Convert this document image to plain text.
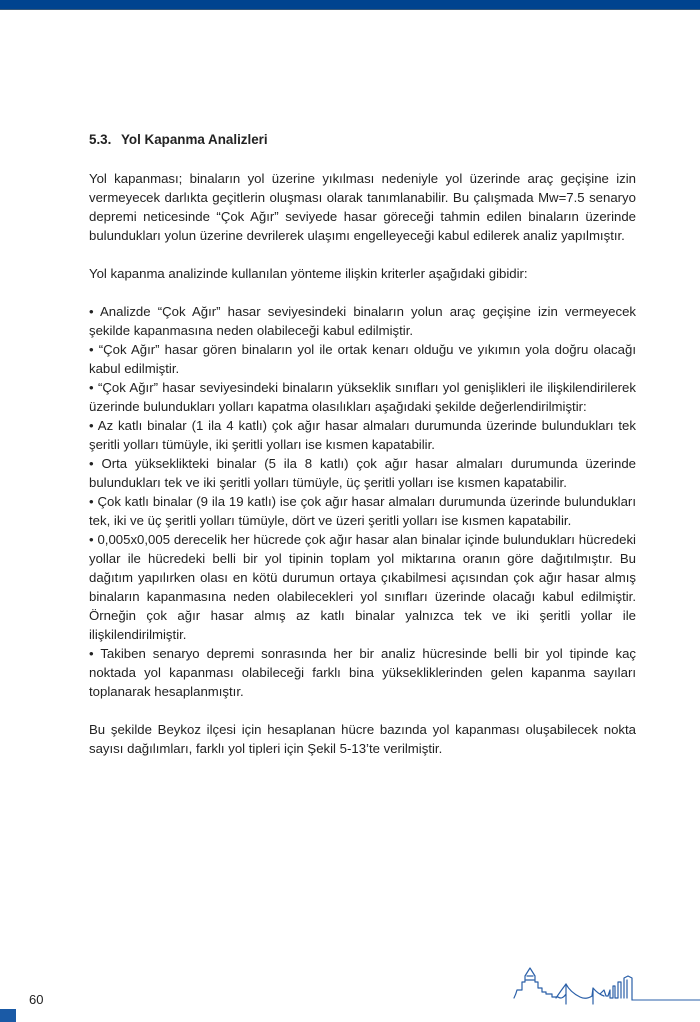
5.3. Yol Kapanma Analizleri

Yol kapanması; binaların yol üzerine yıkılması nedeniyle yol üzerinde araç geçişine izin vermeyecek darlıkta geçitlerin oluşması olarak tanımlanabilir. Bu çalışmada Mw=7.5 senaryo depremi neticesinde “Çok Ağır” seviyede hasar göreceği tahmin edilen binaların üzerinde bulundukları yolun üzerine devrilerek ulaşımı engelleyeceği kabul edilerek analiz yapılmıştır.

Yol kapanma analizinde kullanılan yönteme ilişkin kriterler aşağıdaki gibidir:

• Analizde “Çok Ağır” hasar seviyesindeki binaların yolun araç geçişine izin vermeyecek şekilde kapanmasına neden olabileceği kabul edilmiştir.

• “Çok Ağır” hasar gören binaların yol ile ortak kenarı olduğu ve yıkımın yola doğru olacağı kabul edilmiştir.

• “Çok Ağır” hasar seviyesindeki binaların yükseklik sınıfları yol genişlikleri ile ilişkilendirilerek üzerinde bulundukları yolları kapatma olasılıkları aşağıdaki şekilde değerlendirilmiştir:

• Az katlı binalar (1 ila 4 katlı) çok ağır hasar almaları durumunda üzerinde bulundukları tek şeritli yolları tümüyle, iki şeritli yolları ise kısmen kapatabilir.

• Orta yükseklikteki binalar (5 ila 8 katlı) çok ağır hasar almaları durumunda üzerinde bulundukları tek ve iki şeritli yolları tümüyle, üç şeritli yolları ise kısmen kapatabilir.

• Çok katlı binalar (9 ila 19 katlı) ise çok ağır hasar almaları durumunda üzerinde bulundukları tek, iki ve üç şeritli yolları tümüyle, dört ve üzeri şeritli yolları ise kısmen kapatabilir.

• 0,005x0,005 derecelik her hücrede çok ağır hasar alan binalar içinde bulundukları hücredeki yollar ile hücredeki belli bir yol tipinin toplam yol miktarına oranın göre dağıtılmıştır. Bu dağıtım yapılırken olası en kötü durumun ortaya çıkabilmesi açısından çok ağır hasar almış binaların kapanmasına neden olabilecekleri yol sınıfları üzerinde olacağı kabul edilmiştir. Örneğin çok ağır hasar almış az katlı binalar yalnızca tek ve iki şeritli yollar ile ilişkilendirilmiştir.

• Takiben senaryo depremi sonrasında her bir analiz hücresinde belli bir yol tipinde kaç noktada yol kapanması olabileceği farklı bina yüksekliklerinden gelen kapanma sayıları toplanarak hesaplanmıştır.

Bu şekilde Beykoz ilçesi için hesaplanan hücre bazında yol kapanması oluşabilecek nokta sayısı dağılımları, farklı yol tipleri için Şekil 5-13’te verilmiştir.

60
